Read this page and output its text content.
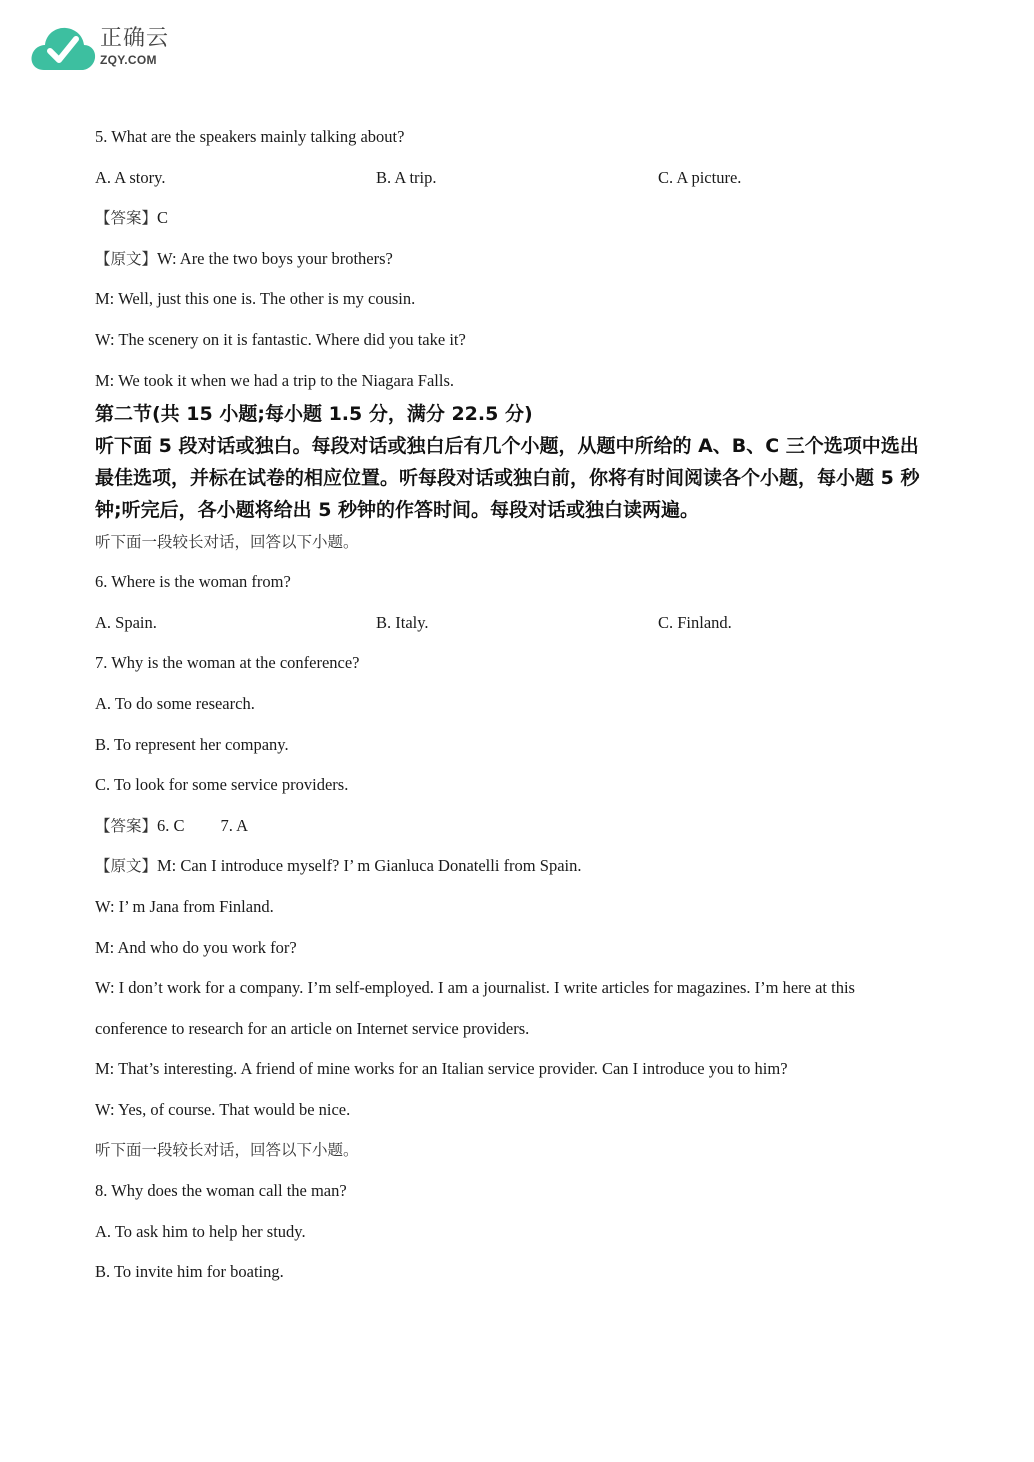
正确云
ZQY.COM
5. What are the speakers mainly talking about?
A. A story.	B. A trip.	C. A picture.
【答案】C
【原文】W: Are the two boys your brothers?
M: Well, just this one is. The other is my cousin.
W: The scenery on it is fantastic. Where did you take it?
M: We took it when we had a trip to the Niagara Falls.
第二节(共 15 小题;每小题 1.5 分，满分 22.5 分)
听下面 5 段对话或独白。每段对话或独白后有几个小题，从题中所给的 A、B、C 三个选项中选出最佳选项，并标在试卷的相应位置。听每段对话或独白前，你将有时间阅读各个小题，每小题 5 秒钟;听完后，各小题将给出 5 秒钟的作答时间。每段对话或独白读两遍。
听下面一段较长对话，回答以下小题。
6. Where is the woman from?
A. Spain.	B. Italy.	C. Finland.
7. Why is the woman at the conference?
A. To do some research.
B. To represent her company.
C. To look for some service providers.
【答案】6. C 7. A
【原文】M: Can I introduce myself? I’ m Gianluca Donatelli from Spain.
W: I’ m Jana from Finland.
M: And who do you work for?
W: I don’t work for a company. I’m self-employed. I am a journalist. I write articles for magazines. I’m here at this
conference to research for an article on Internet service providers.
M: That’s interesting. A friend of mine works for an Italian service provider. Can I introduce you to him?
W: Yes, of course. That would be nice.
听下面一段较长对话，回答以下小题。
8. Why does the woman call the man?
A. To ask him to help her study.
B. To invite him for boating.
